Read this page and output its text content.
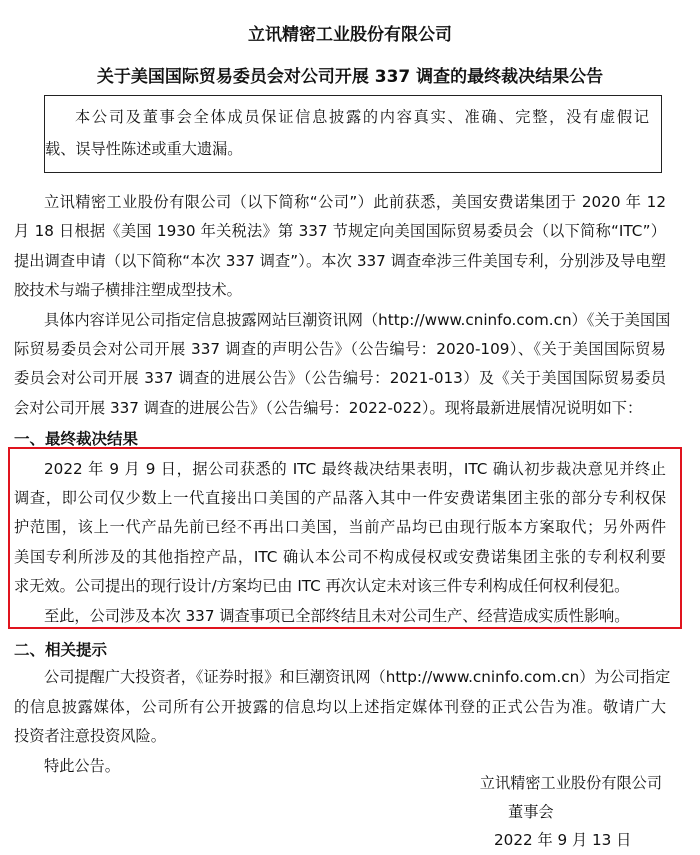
立讯精密工业股份有限公司
关于美国国际贸易委员会对公司开展 337 调查的最终裁决结果公告
本公司及董事会全体成员保证信息披露的内容真实、准确、完整，没有虚假记
载、误导性陈述或重大遗漏。
立讯精密工业股份有限公司（以下简称“公司”）此前获悉，美国安费诺集团于 2020 年 12
月 18 日根据《美国 1930 年关税法》第 337 节规定向美国国际贸易委员会（以下简称“ITC”）
提出调查申请（以下简称“本次 337 调查”）。本次 337 调查牵涉三件美国专利，分别涉及导电塑
胶技术与端子横排注塑成型技术。
具体内容详见公司指定信息披露网站巨潮资讯网（http://www.cninfo.com.cn）《关于美国国
际贸易委员会对公司开展 337 调查的声明公告》（公告编号：2020-109）、《关于美国国际贸易
委员会对公司开展 337 调查的进展公告》（公告编号：2021-013）及《关于美国国际贸易委员
会对公司开展 337 调查的进展公告》（公告编号：2022-022）。现将最新进展情况说明如下：
一、最终裁决结果
2022 年 9 月 9 日，据公司获悉的 ITC 最终裁决结果表明，ITC 确认初步裁决意见并终止
调查，即公司仅少数上一代直接出口美国的产品落入其中一件安费诺集团主张的部分专利权保
护范围，该上一代产品先前已经不再出口美国，当前产品均已由现行版本方案取代；另外两件
美国专利所涉及的其他指控产品，ITC 确认本公司不构成侵权或安费诺集团主张的专利权利要
求无效。公司提出的现行设计/方案均已由 ITC 再次认定未对该三件专利构成任何权利侵犯。
至此，公司涉及本次 337 调查事项已全部终结且未对公司生产、经营造成实质性影响。
二、相关提示
公司提醒广大投资者，《证券时报》和巨潮资讯网（http://www.cninfo.com.cn）为公司指定
的信息披露媒体，公司所有公开披露的信息均以上述指定媒体刊登的正式公告为准。敬请广大
投资者注意投资风险。
特此公告。
立讯精密工业股份有限公司
董事会
2022 年 9 月 13 日
